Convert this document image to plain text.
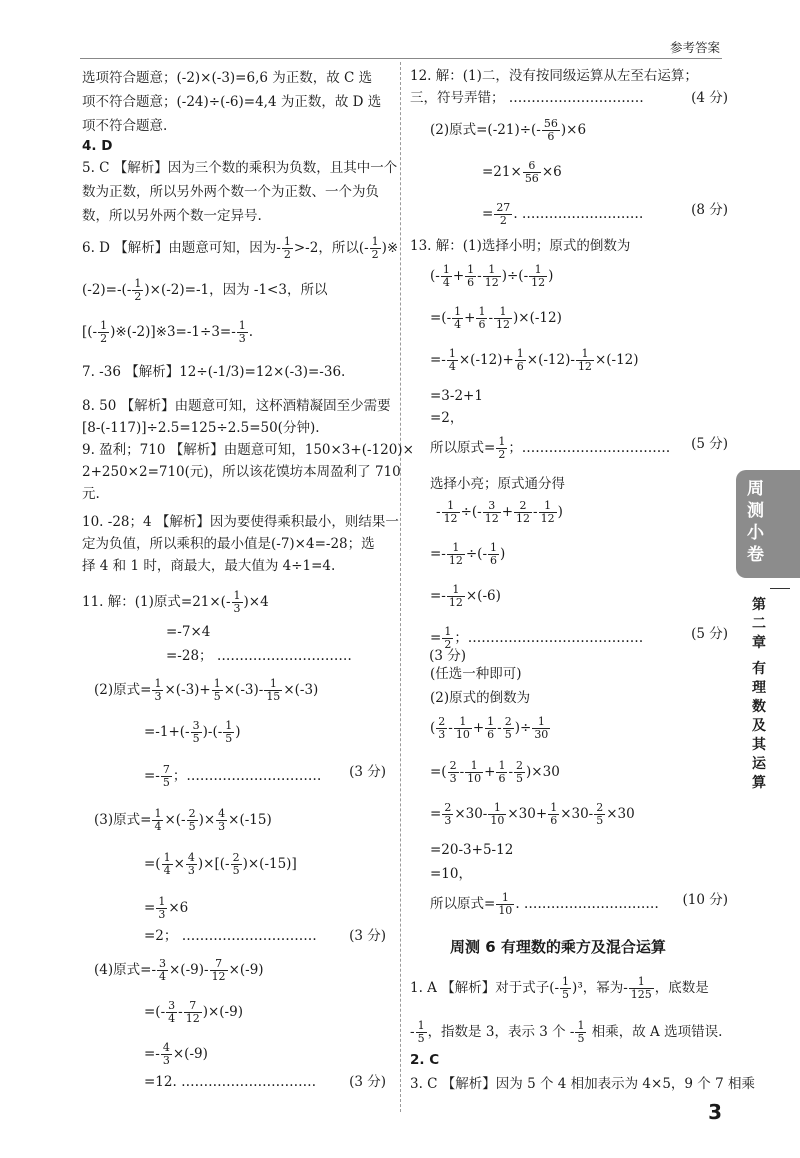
参考答案
选项符合题意；(-2)×(-3)=6,6 为正数，故 C 选
项不符合题意；(-24)÷(-6)=4,4 为正数，故 D 选
项不符合题意.
4. D
5. C 【解析】因为三个数的乘积为负数，且其中一个
数为正数，所以另外两个数一个为正数、一个为负
数，所以另外两个数一定异号.
6. D 【解析】由题意可知，因为- $\frac{1}{2} >-2$，所以(- $\frac{1}{2}$ )※
$(-2)=-(- \frac{1}{2} )\times(-2)=-1$，因为 -1<3，所以
[(- $\frac{1}{2}$ )※(-2)]※3=-1÷3=- $\frac{1}{3}$ .
7. -36 【解析】12÷(-1/3)=12×(-3)=-36.
8. 50 【解析】由题意可知，这杯酒精凝固至少需要
[8-(-117)]÷2.5=125÷2.5=50(分钟).
9. 盈利；710 【解析】由题意可知，150×3+(-120)×
2+250×2=710(元)，所以该花馍坊本周盈利了 710
元.
10. -28；4 【解析】因为要使得乘积最小，则结果一
定为负值，所以乘积的最小值是(-7)×4=-28；选
择 4 和 1 时，商最大，最大值为 4÷1=4.
11. 解：(1)原式$=21\times(- \frac{1}{3} )\times 4$
=-7×4
=-28； …………………………	(3 分)
(2)原式= $\frac{1}{3} \times(-3)+ \frac{1}{5} \times(-3)- \frac{1}{15} \times(-3)$
$=-1+(- \frac{3}{5}$ )-(- $\frac{1}{5}$ )
=- $\frac{7}{5}$ ；………………………… (3 分)
(3)原式= $\frac{1}{4}$ ×(- $\frac{2}{5}$ )× $\frac{4}{3} \times(-15)$
=( $\frac{1}{4} \times \frac{4}{3}$ )×[(- $\frac{2}{5} )\times(-15)$]
= $\frac{1}{3} \times 6$
=2； ………………………… (3 分)
(4)原式=- $\frac{3}{4} \times(-9)- \frac{7}{12} \times(-9)$
=(- $\frac{3}{4} - \frac{7}{12} )\times(-9)$
=- $\frac{4}{3} \times(-9)$
=12. ………………………… (3 分)
12. 解：(1)二，没有按同级运算从左至右运算；
三，符号弄错； …………………………	(4 分)
(2)原式$=(-21)\div(- \frac{56}{6} )\times 6$
$=21\times \frac{6}{56} \times 6$
= $\frac{27}{2}$ . ………………………	(8 分)
13. 解：(1)选择小明；原式的倒数为
(- $\frac{1}{4} + \frac{1}{6} - \frac{1}{12}$ )÷(- $\frac{1}{12}$ )
=(- $\frac{1}{4} + \frac{1}{6} - \frac{1}{12} )\times(-12)$
=- $\frac{1}{4} \times(-12)+ \frac{1}{6} \times(-12)- \frac{1}{12} \times(-12)$
=3-2+1
=2，
所以原式= $\frac{1}{2}$ ；…………………………… (5 分)
选择小亮；原式通分得
- $\frac{1}{12}$ ÷(- $\frac{3}{12} + \frac{2}{12} - \frac{1}{12}$ )
=- $\frac{1}{12}$ ÷(- $\frac{1}{6}$ )
=- $\frac{1}{12} \times(-6)$
= $\frac{1}{2}$ ；…………………………………	(5 分)
(任选一种即可)
(2)原式的倒数为
( $\frac{2}{3} - \frac{1}{10} + \frac{1}{6} - \frac{2}{5}$ )÷ $\frac{1}{30}$
=( $\frac{2}{3} - \frac{1}{10} + \frac{1}{6} - \frac{2}{5} )\times 30$
= $\frac{2}{3} \times 30- \frac{1}{10} \times 30+ \frac{1}{6} \times 30- \frac{2}{5} \times 30$
=20-3+5-12
=10，
所以原式= $\frac{1}{10}$ . ………………………… (10 分)
周测 6 有理数的乘方及混合运算
1. A 【解析】对于式子(- $\frac{1}{5} )^3$，幂为- $\frac{1}{125}$ ，底数是
- $\frac{1}{5}$ ，指数是 3，表示 3 个 - $\frac{1}{5}$ 相乘，故 A 选项错误.
2. C
3. C 【解析】因为 5 个 4 相加表示为 4×5，9 个 7 相乘
周测小卷
第二章
有理数及其运算
3
